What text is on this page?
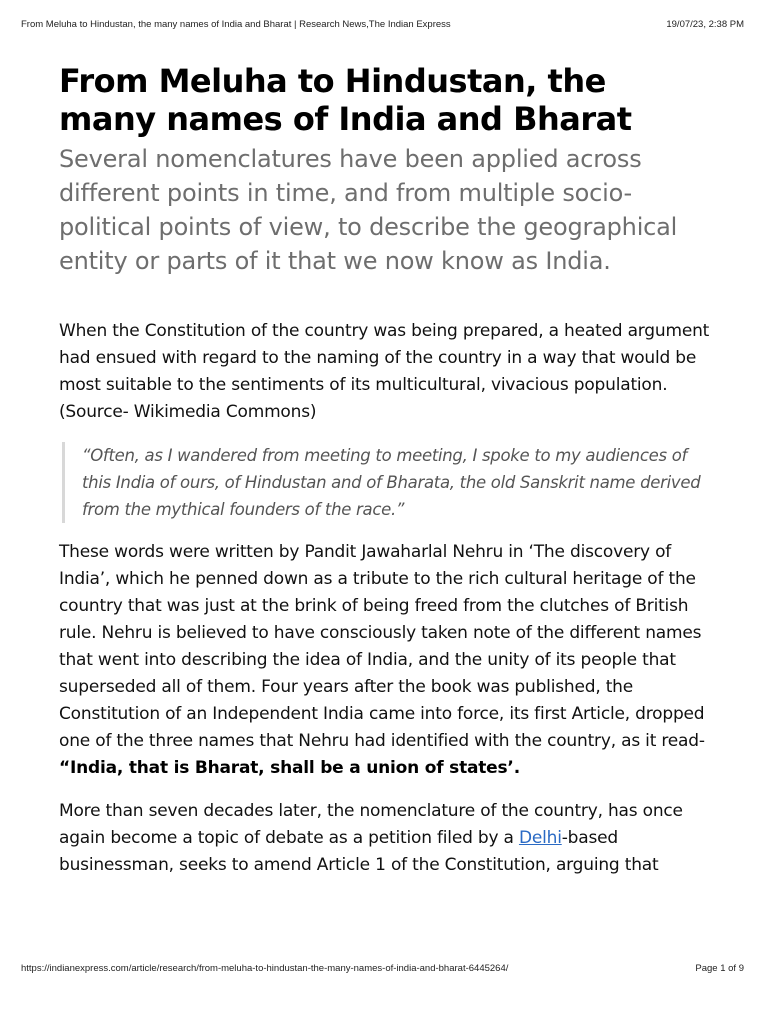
From Meluha to Hindustan, the many names of India and Bharat | Research News,The Indian Express	19/07/23, 2:38 PM
From Meluha to Hindustan, the many names of India and Bharat

Several nomenclatures have been applied across different points in time, and from multiple socio-political points of view, to describe the geographical entity or parts of it that we now know as India.

When the Constitution of the country was being prepared, a heated argument had ensued with regard to the naming of the country in a way that would be most suitable to the sentiments of its multicultural, vivacious population. (Source- Wikimedia Commons)

“Often, as I wandered from meeting to meeting, I spoke to my audiences of this India of ours, of Hindustan and of Bharata, the old Sanskrit name derived from the mythical founders of the race.”

These words were written by Pandit Jawaharlal Nehru in ‘The discovery of India’, which he penned down as a tribute to the rich cultural heritage of the country that was just at the brink of being freed from the clutches of British rule. Nehru is believed to have consciously taken note of the different names that went into describing the idea of India, and the unity of its people that superseded all of them. Four years after the book was published, the Constitution of an Independent India came into force, its first Article, dropped one of the three names that Nehru had identified with the country, as it read- “India, that is Bharat, shall be a union of states’.

More than seven decades later, the nomenclature of the country, has once again become a topic of debate as a petition filed by a Delhi-based businessman, seeks to amend Article 1 of the Constitution, arguing that

https://indianexpress.com/article/research/from-meluha-to-hindustan-the-many-names-of-india-and-bharat-6445264/	Page 1 of 9
